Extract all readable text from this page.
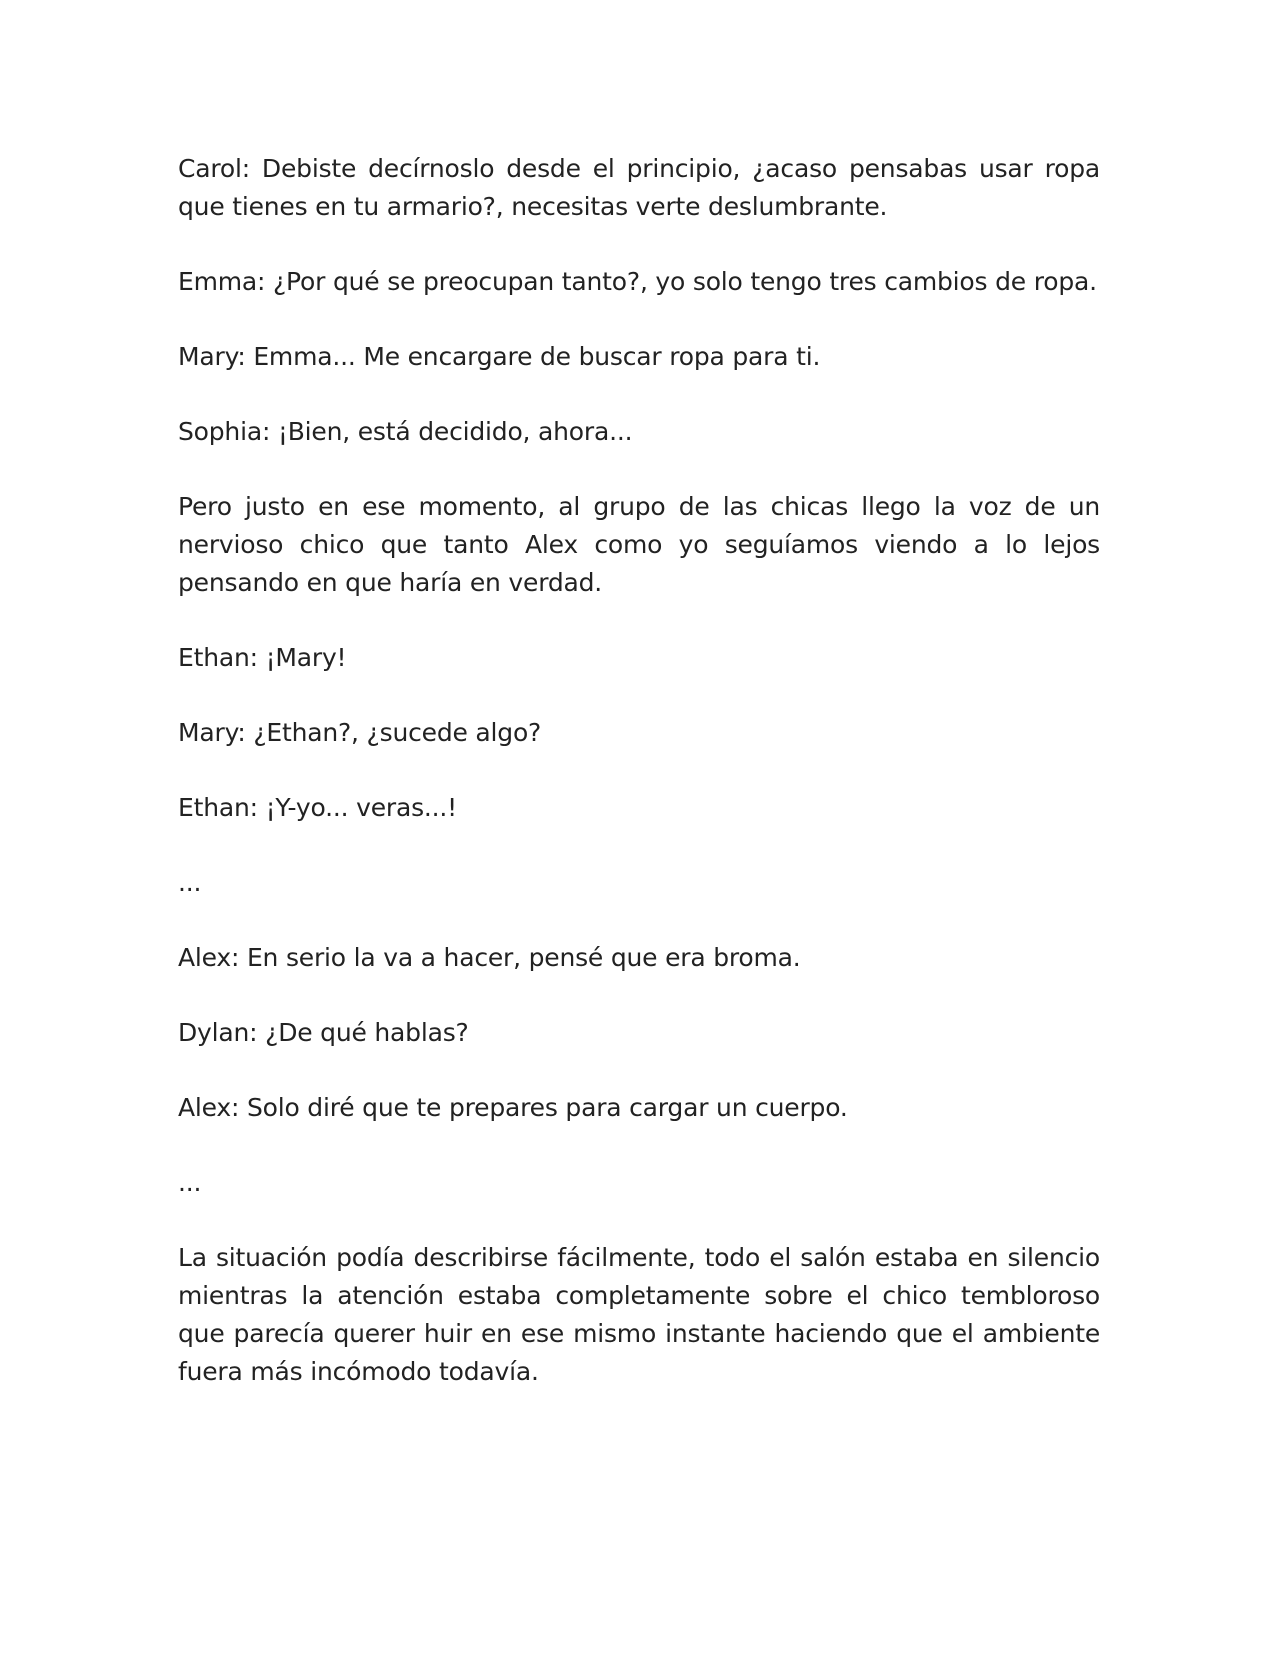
Carol: Debiste decírnoslo desde el principio, ¿acaso pensabas usar ropa que tienes en tu armario?, necesitas verte deslumbrante.

Emma: ¿Por qué se preocupan tanto?, yo solo tengo tres cambios de ropa.

Mary: Emma... Me encargare de buscar ropa para ti.

Sophia: ¡Bien, está decidido, ahora...

Pero justo en ese momento, al grupo de las chicas llego la voz de un nervioso chico que tanto Alex como yo seguíamos viendo a lo lejos pensando en que haría en verdad.

Ethan: ¡Mary!

Mary: ¿Ethan?, ¿sucede algo?

Ethan: ¡Y-yo... veras...!

...

Alex: En serio la va a hacer, pensé que era broma.

Dylan: ¿De qué hablas?

Alex: Solo diré que te prepares para cargar un cuerpo.

...

La situación podía describirse fácilmente, todo el salón estaba en silencio mientras la atención estaba completamente sobre el chico tembloroso que parecía querer huir en ese mismo instante haciendo que el ambiente fuera más incómodo todavía.
